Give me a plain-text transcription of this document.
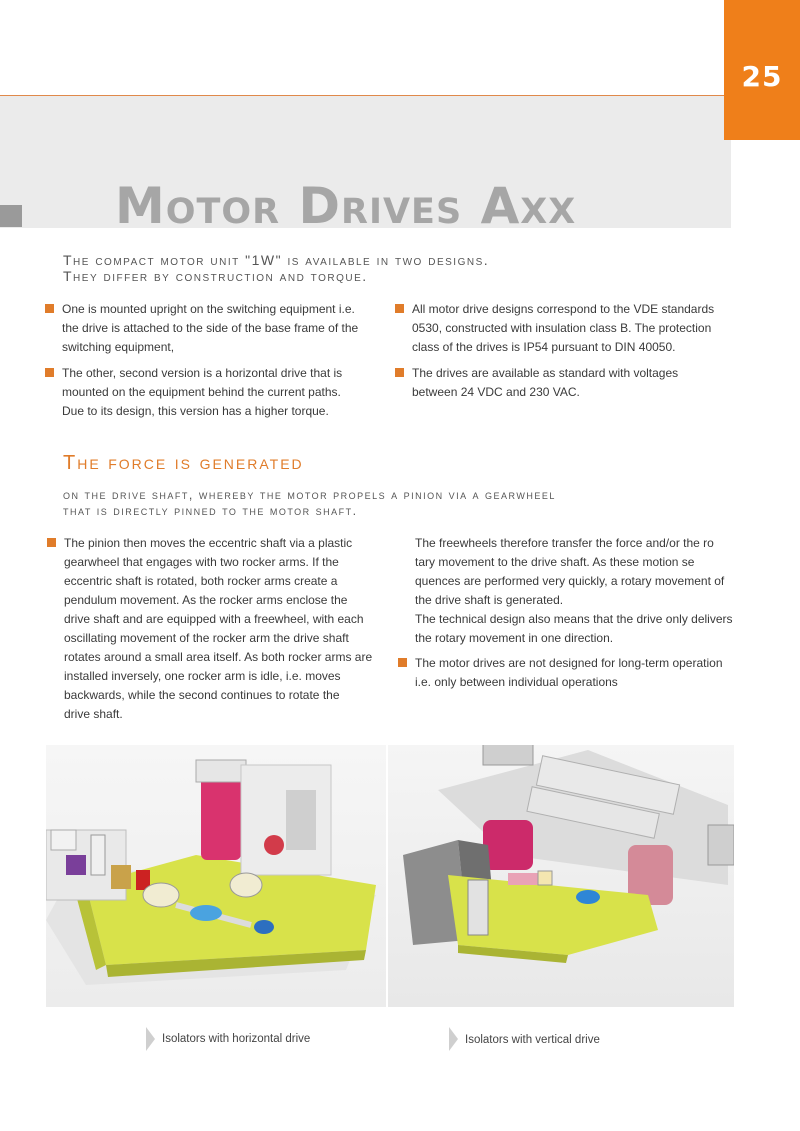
25
Motor Drives Axx
The compact motor unit "1W" is available in two designs.
They differ by construction and torque.
One is mounted upright on the switching equipment i.e.
the drive is attached to the side of the base frame of the
switching equipment,
The other, second version is a horizontal drive that is
mounted on the equipment behind the current paths.
Due to its design, this version has a higher torque.
All motor drive designs correspond to the VDE standards
0530, constructed with insulation class B. The protection
class of the drives is IP54 pursuant to DIN 40050.
The drives are available as standard with voltages
between 24 VDC and 230 VAC.
The force is generated
on the drive shaft, whereby the motor propels a pinion via a gearwheel
that is directly pinned to the motor shaft.
The pinion then moves the eccentric shaft via a plastic
gearwheel that engages with two rocker arms. If the
eccentric shaft is rotated, both rocker arms create a
pendulum movement. As the rocker arms enclose the
drive shaft and are equipped with a freewheel, with each
oscillating movement of the rocker arm the drive shaft
rotates around a small area itself. As both rocker arms are
installed inversely, one rocker arm is idle, i.e. moves
backwards, while the second continues to rotate the
drive shaft.
The freewheels therefore transfer the force and/or the ro
tary movement to the drive shaft. As these motion se
quences are performed very quickly, a rotary movement of
the drive shaft is generated.
The technical design also means that the drive only delivers
the rotary movement in one direction.
The motor drives are not designed for long-term operation
i.e. only between individual operations
Isolators with horizontal drive	Isolators with vertical drive
